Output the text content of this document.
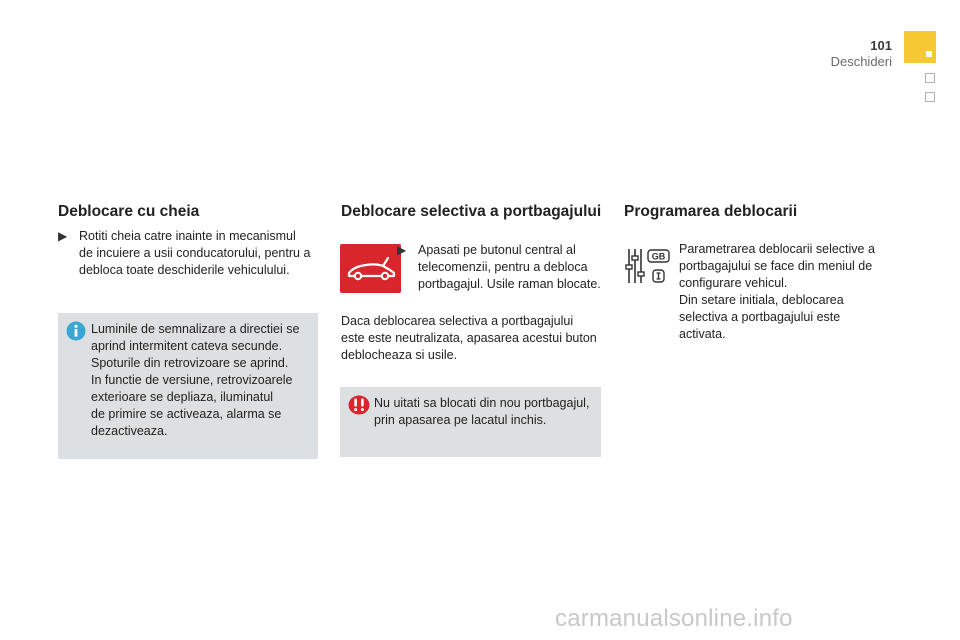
101
Deschideri
Deblocare cu cheia
▶ Rotiti cheia catre inainte in mecanismul
de incuiere a usii conducatorului, pentru a
debloca toate deschiderile vehiculului.
Luminile de semnalizare a directiei se
aprind intermitent cateva secunde.
Spoturile din retrovizoare se aprind.
In functie de versiune, retrovizoarele
exterioare se depliaza, iluminatul
de primire se activeaza, alarma se
dezactiveaza.
Deblocare selectiva a portbagajului
▶ Apasati pe butonul central al
telecomenzii, pentru a debloca
portbagajul. Usile raman blocate.
Daca deblocarea selectiva a portbagajului
este este neutralizata, apasarea acestui buton
deblocheaza si usile.
Nu uitati sa blocati din nou portbagajul,
prin apasarea pe lacatul inchis.
Programarea deblocarii
GB
Parametrarea deblocarii selective a
portbagajului se face din meniul de
configurare vehicul.
Din setare initiala, deblocarea
selectiva a portbagajului este
activata.
carmanualsonline.info
